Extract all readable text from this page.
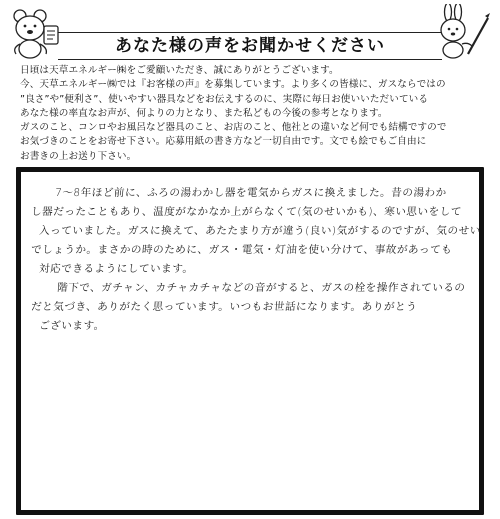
あなた様の声をお聞かせください

日頃は天草エネルギー㈱をご愛顧いただき、誠にありがとうございます。

今、天草エネルギー㈱では『お客様の声』を募集しています。より多くの皆様に、ガスならではの

”良さ”や”便利さ”、使いやすい器具などをお伝えするのに、実際に毎日お使いいただいている

あなた様の率直なお声が、何よりの力となり、また私どもの今後の参考となります。

ガスのこと、コンロやお風呂など器具のこと、お店のこと、他社との違いなど何でも結構ですので

お気づきのことをお寄せ下さい。応募用紙の書き方など一切自由です。文でも絵でもご自由に

お書きの上お送り下さい。

7〜8年ほど前に、ふろの湯わかし器を電気からガスに換えました。昔の湯わか

し器だったこともあり、温度がなかなか上がらなくて(気のせいかも)、寒い思いをして

入っていました。ガスに換えて、あたたまり方が違う(良い)気がするのですが、気のせい

でしょうか。まさかの時のために、ガス・電気・灯油を使い分けて、事故があっても

対応できるようにしています。

階下で、ガチャン、カチャカチャなどの音がすると、ガスの栓を操作されているの

だと気づき、ありがたく思っています。いつもお世話になります。ありがとう

ございます。
